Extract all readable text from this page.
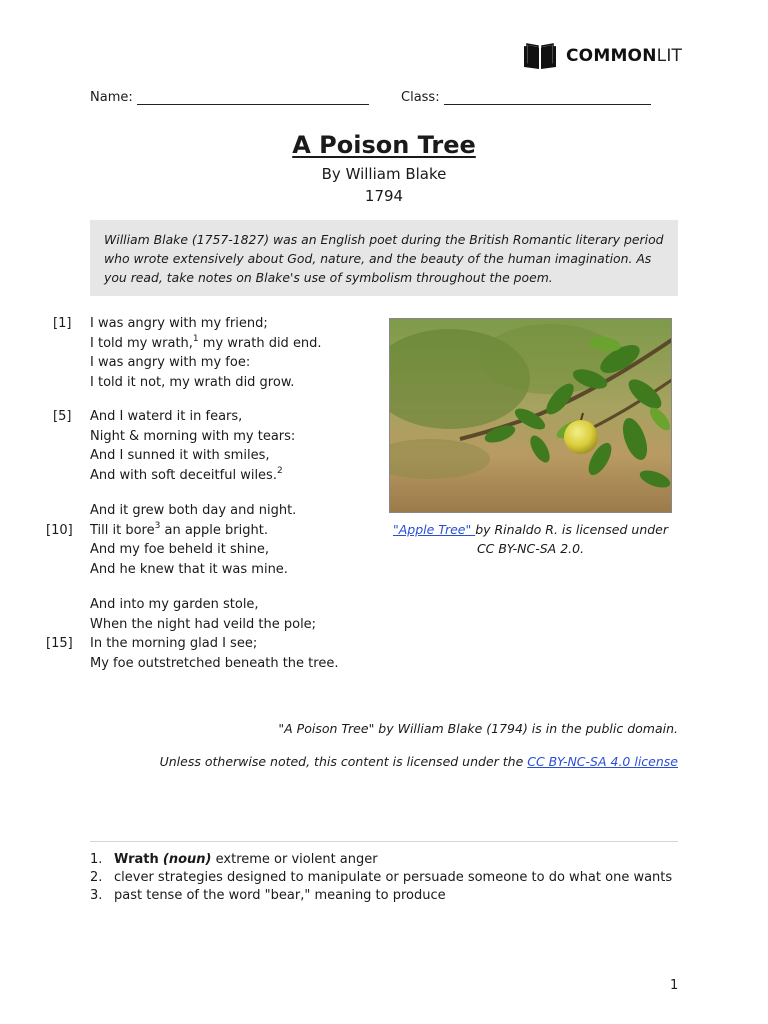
COMMONLIT
Name:	Class:
A Poison Tree
By William Blake
1794
William Blake (1757-1827) was an English poet during the British Romantic literary period who wrote extensively about God, nature, and the beauty of the human imagination. As you read, take notes on Blake's use of symbolism throughout the poem.
[1]
[5]
[10]
[15]
I was angry with my friend;
I told my wrath,$^1$ my wrath did end.
I was angry with my foe:
I told it not, my wrath did grow.
And I waterd it in fears,
Night & morning with my tears:
And I sunned it with smiles,
And with soft deceitful wiles.$^2$
And it grew both day and night.
Till it bore$^3$ an apple bright.
And my foe beheld it shine,
And he knew that it was mine.
And into my garden stole,
When the night had veild the pole;
In the morning glad I see;
My foe outstretched beneath the tree.
"Apple Tree" by Rinaldo R. is licensed under CC BY-NC-SA 2.0.
"A Poison Tree" by William Blake (1794) is in the public domain.
Unless otherwise noted, this content is licensed under the CC BY-NC-SA 4.0 license
1. Wrath (noun) extreme or violent anger
2. clever strategies designed to manipulate or persuade someone to do what one wants
3. past tense of the word "bear," meaning to produce
1
